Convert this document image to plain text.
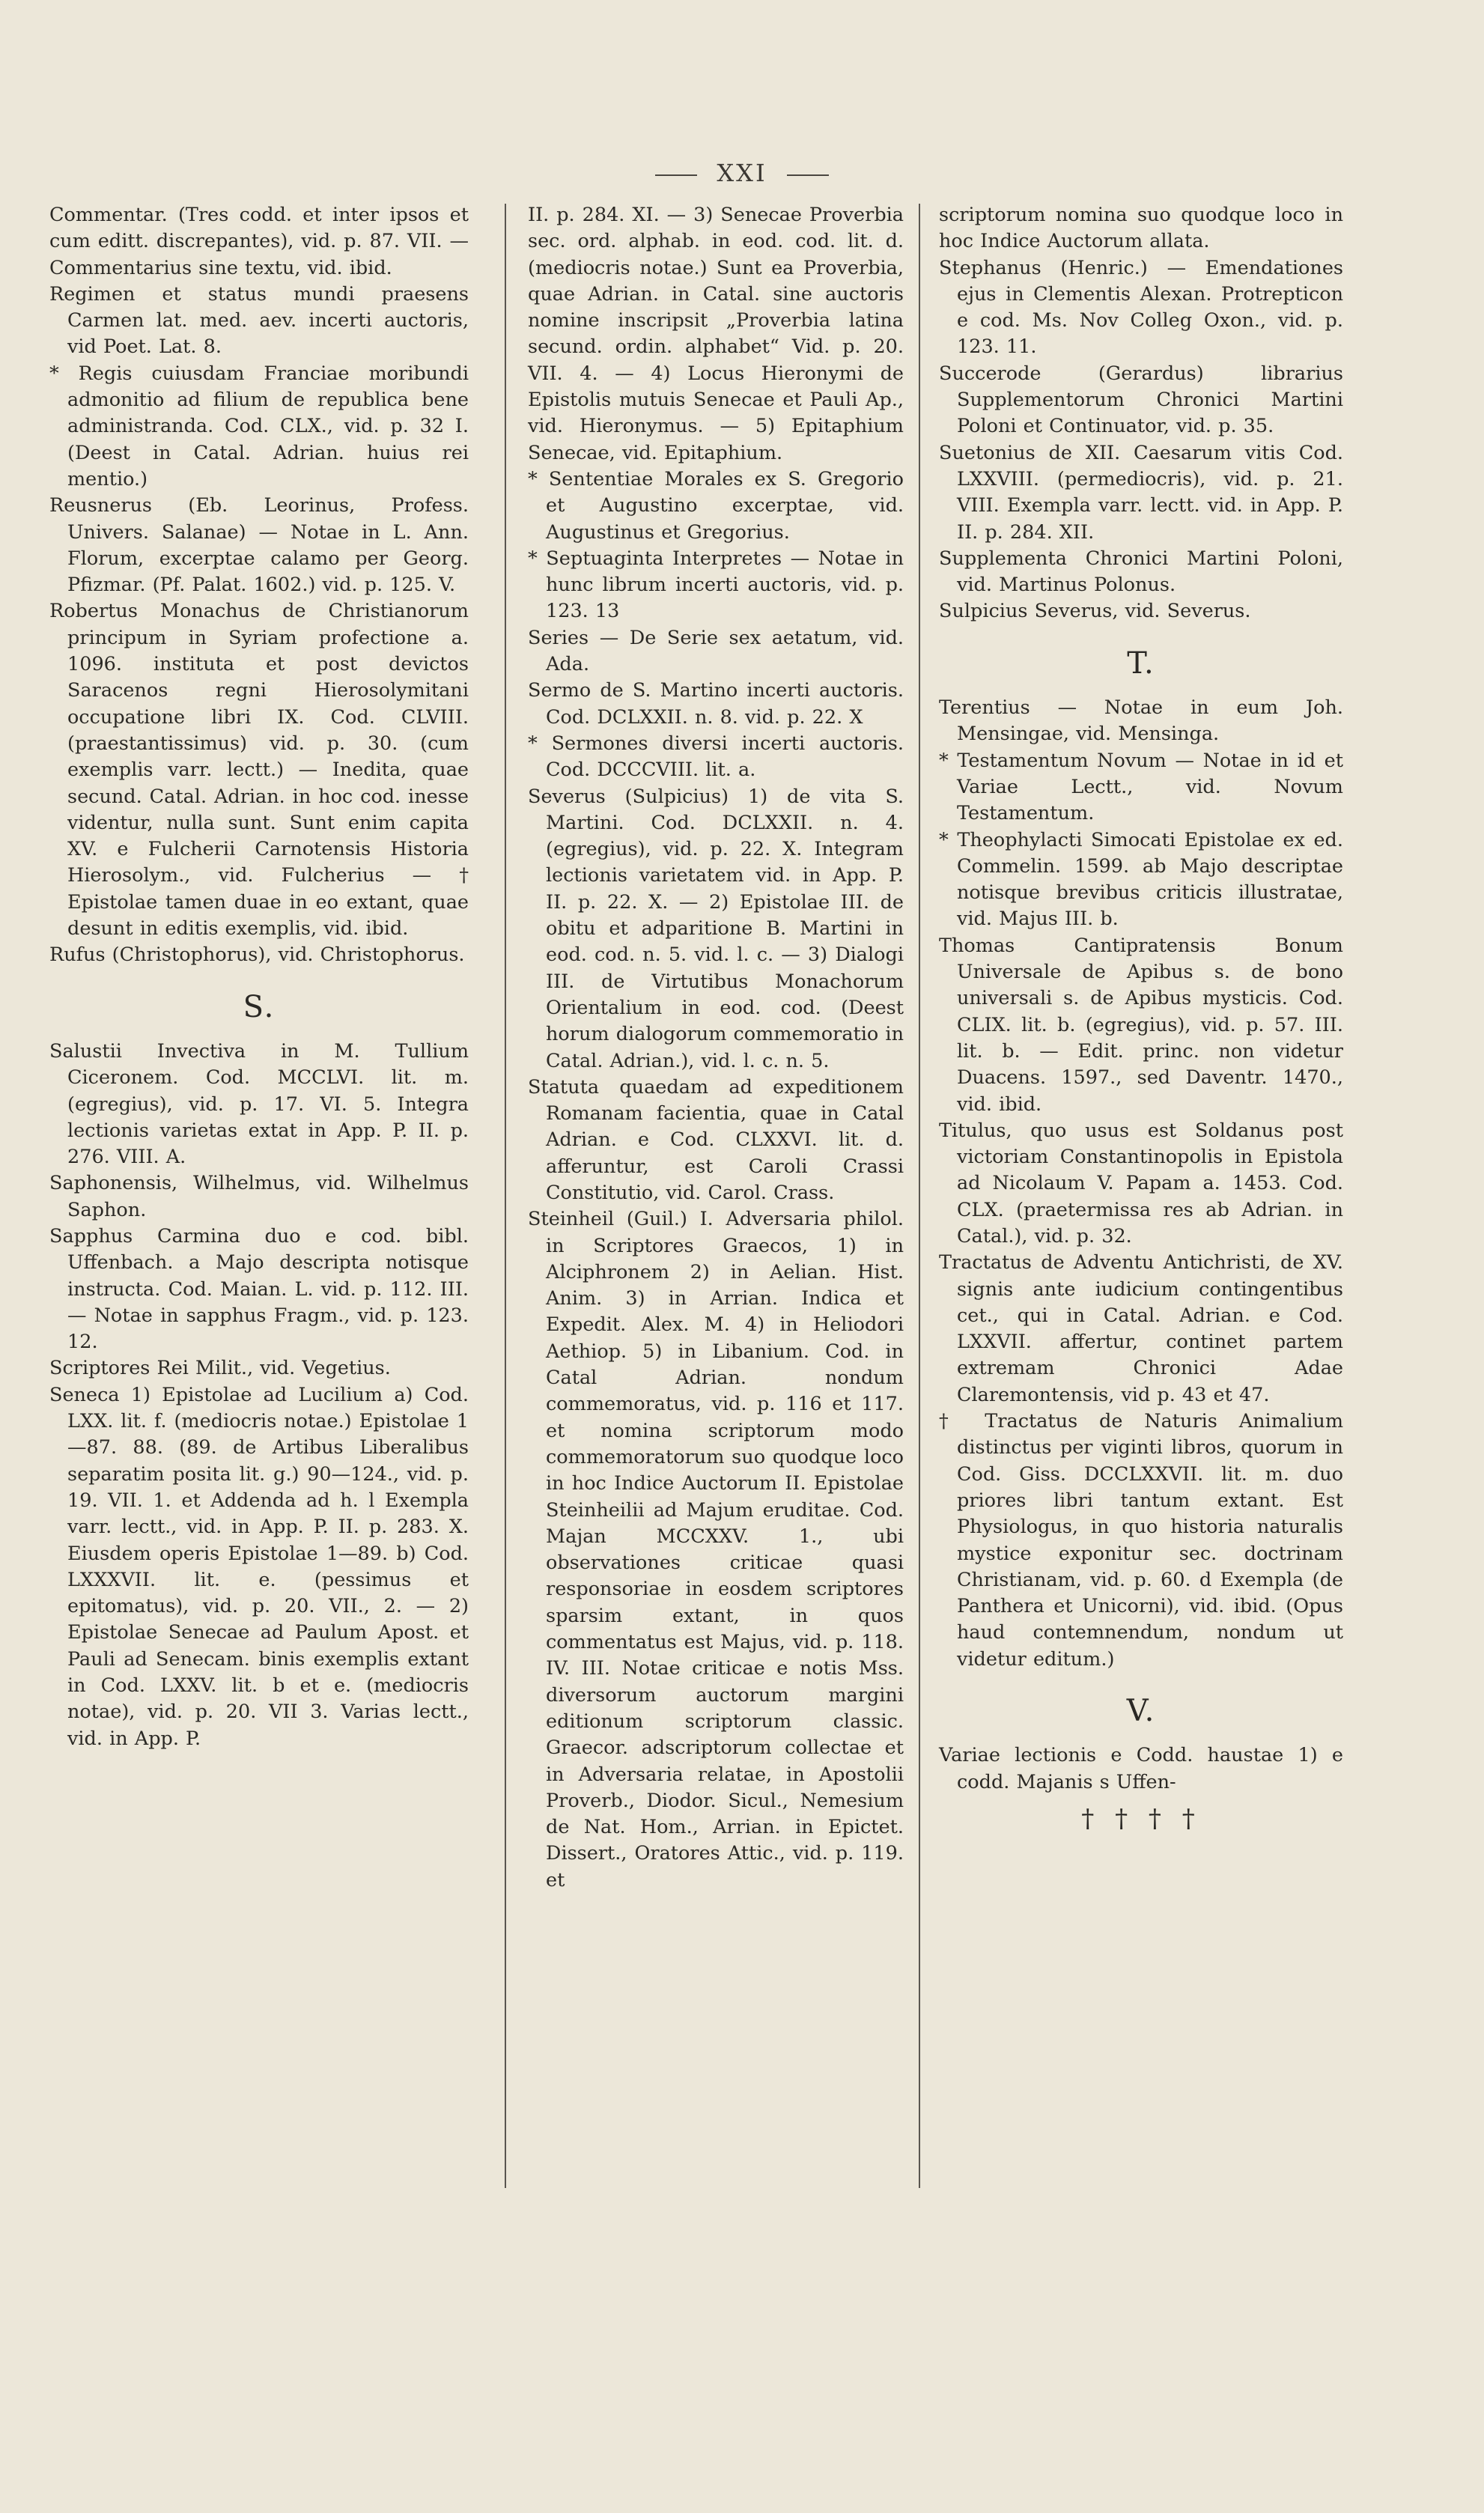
XXI

Commentar. (Tres codd. et inter ipsos et cum editt. discrepantes), vid. p. 87. VII. — Commentarius sine textu, vid. ibid.

Regimen et status mundi praesens Carmen lat. med. aev. incerti auctoris, vid Poet. Lat. 8.

* Regis cuiusdam Franciae moribundi admonitio ad filium de republica bene administranda. Cod. CLX., vid. p. 32 I. (Deest in Catal. Adrian. huius rei mentio.)

Reusnerus (Eb. Leorinus, Profess. Univers. Salanae) — Notae in L. Ann. Florum, excerptae calamo per Georg. Pfizmar. (Pf. Palat. 1602.) vid. p. 125. V.

Robertus Monachus de Christianorum principum in Syriam profectione a. 1096. instituta et post devictos Saracenos regni Hierosolymitani occupatione libri IX. Cod. CLVIII. (praestantissimus) vid. p. 30. (cum exemplis varr. lectt.) — Inedita, quae secund. Catal. Adrian. in hoc cod. inesse videntur, nulla sunt. Sunt enim capita XV. e Fulcherii Carnotensis Historia Hierosolym., vid. Fulcherius — † Epistolae tamen duae in eo extant, quae desunt in editis exemplis, vid. ibid.

Rufus (Christophorus), vid. Christophorus.

S.

Salustii Invectiva in M. Tullium Ciceronem. Cod. MCCLVI. lit. m. (egregius), vid. p. 17. VI. 5. Integra lectionis varietas extat in App. P. II. p. 276. VIII. A.

Saphonensis, Wilhelmus, vid. Wilhelmus Saphon.

Sapphus Carmina duo e cod. bibl. Uffenbach. a Majo descripta notisque instructa. Cod. Maian. L. vid. p. 112. III. — Notae in sapphus Fragm., vid. p. 123. 12.

Scriptores Rei Milit., vid. Vegetius.

Seneca 1) Epistolae ad Lucilium a) Cod. LXX. lit. f. (mediocris notae.) Epistolae 1—87. 88. (89. de Artibus Liberalibus separatim posita lit. g.) 90—124., vid. p. 19. VII. 1. et Addenda ad h. l Exempla varr. lectt., vid. in App. P. II. p. 283. X. Eiusdem operis Epistolae 1—89. b) Cod. LXXXVII. lit. e. (pessimus et epitomatus), vid. p. 20. VII., 2. — 2) Epistolae Senecae ad Paulum Apost. et Pauli ad Senecam. binis exemplis extant in Cod. LXXV. lit. b et e. (mediocris notae), vid. p. 20. VII 3. Varias lectt., vid. in App. P.

II. p. 284. XI. — 3) Senecae Proverbia sec. ord. alphab. in eod. cod. lit. d. (mediocris notae.) Sunt ea Proverbia, quae Adrian. in Catal. sine auctoris nomine inscripsit „Proverbia latina secund. ordin. alphabet“ Vid. p. 20. VII. 4. — 4) Locus Hieronymi de Epistolis mutuis Senecae et Pauli Ap., vid. Hieronymus. — 5) Epitaphium Senecae, vid. Epitaphium.

* Sententiae Morales ex S. Gregorio et Augustino excerptae, vid. Augustinus et Gregorius.

* Septuaginta Interpretes — Notae in hunc librum incerti auctoris, vid. p. 123. 13

Series — De Serie sex aetatum, vid. Ada.

Sermo de S. Martino incerti auctoris. Cod. DCLXXII. n. 8. vid. p. 22. X

* Sermones diversi incerti auctoris. Cod. DCCCVIII. lit. a.

Severus (Sulpicius) 1) de vita S. Martini. Cod. DCLXXII. n. 4. (egregius), vid. p. 22. X. Integram lectionis varietatem vid. in App. P. II. p. 22. X. — 2) Epistolae III. de obitu et adparitione B. Martini in eod. cod. n. 5. vid. l. c. — 3) Dialogi III. de Virtutibus Monachorum Orientalium in eod. cod. (Deest horum dialogorum commemoratio in Catal. Adrian.), vid. l. c. n. 5.

Statuta quaedam ad expeditionem Romanam facientia, quae in Catal Adrian. e Cod. CLXXVI. lit. d. afferuntur, est Caroli Crassi Constitutio, vid. Carol. Crass.

Steinheil (Guil.) I. Adversaria philol. in Scriptores Graecos, 1) in Alciphronem 2) in Aelian. Hist. Anim. 3) in Arrian. Indica et Expedit. Alex. M. 4) in Heliodori Aethiop. 5) in Libanium. Cod. in Catal Adrian. nondum commemoratus, vid. p. 116 et 117. et nomina scriptorum modo commemoratorum suo quodque loco in hoc Indice Auctorum II. Epistolae Steinheilii ad Majum eruditae. Cod. Majan MCCXXV. 1., ubi observationes criticae quasi responsoriae in eosdem scriptores sparsim extant, in quos commentatus est Majus, vid. p. 118. IV. III. Notae criticae e notis Mss. diversorum auctorum margini editionum scriptorum classic. Graecor. adscriptorum collectae et in Adversaria relatae, in Apostolii Proverb., Diodor. Sicul., Nemesium de Nat. Hom., Arrian. in Epictet. Dissert., Oratores Attic., vid. p. 119. et

scriptorum nomina suo quodque loco in hoc Indice Auctorum allata.

Stephanus (Henric.) — Emendationes ejus in Clementis Alexan. Protrepticon e cod. Ms. Nov Colleg Oxon., vid. p. 123. 11.

Succerode (Gerardus) librarius Supplementorum Chronici Martini Poloni et Continuator, vid. p. 35.

Suetonius de XII. Caesarum vitis Cod. LXXVIII. (permediocris), vid. p. 21. VIII. Exempla varr. lectt. vid. in App. P. II. p. 284. XII.

Supplementa Chronici Martini Poloni, vid. Martinus Polonus.

Sulpicius Severus, vid. Severus.

T.

Terentius — Notae in eum Joh. Mensingae, vid. Mensinga.

* Testamentum Novum — Notae in id et Variae Lectt., vid. Novum Testamentum.

* Theophylacti Simocati Epistolae ex ed. Commelin. 1599. ab Majo descriptae notisque brevibus criticis illustratae, vid. Majus III. b.

Thomas Cantipratensis Bonum Universale de Apibus s. de bono universali s. de Apibus mysticis. Cod. CLIX. lit. b. (egregius), vid. p. 57. III. lit. b. — Edit. princ. non videtur Duacens. 1597., sed Daventr. 1470., vid. ibid.

Titulus, quo usus est Soldanus post victoriam Constantinopolis in Epistola ad Nicolaum V. Papam a. 1453. Cod. CLX. (praetermissa res ab Adrian. in Catal.), vid. p. 32.

Tractatus de Adventu Antichristi, de XV. signis ante iudicium contingentibus cet., qui in Catal. Adrian. e Cod. LXXVII. affertur, continet partem extremam Chronici Adae Claremontensis, vid p. 43 et 47.

† Tractatus de Naturis Animalium distinctus per viginti libros, quorum in Cod. Giss. DCCLXXVII. lit. m. duo priores libri tantum extant. Est Physiologus, in quo historia naturalis mystice exponitur sec. doctrinam Christianam, vid. p. 60. d Exempla (de Panthera et Unicorni), vid. ibid. (Opus haud contemnendum, nondum ut videtur editum.)

V.

Variae lectionis e Codd. haustae 1) e codd. Majanis s Uffen-

† † † †
